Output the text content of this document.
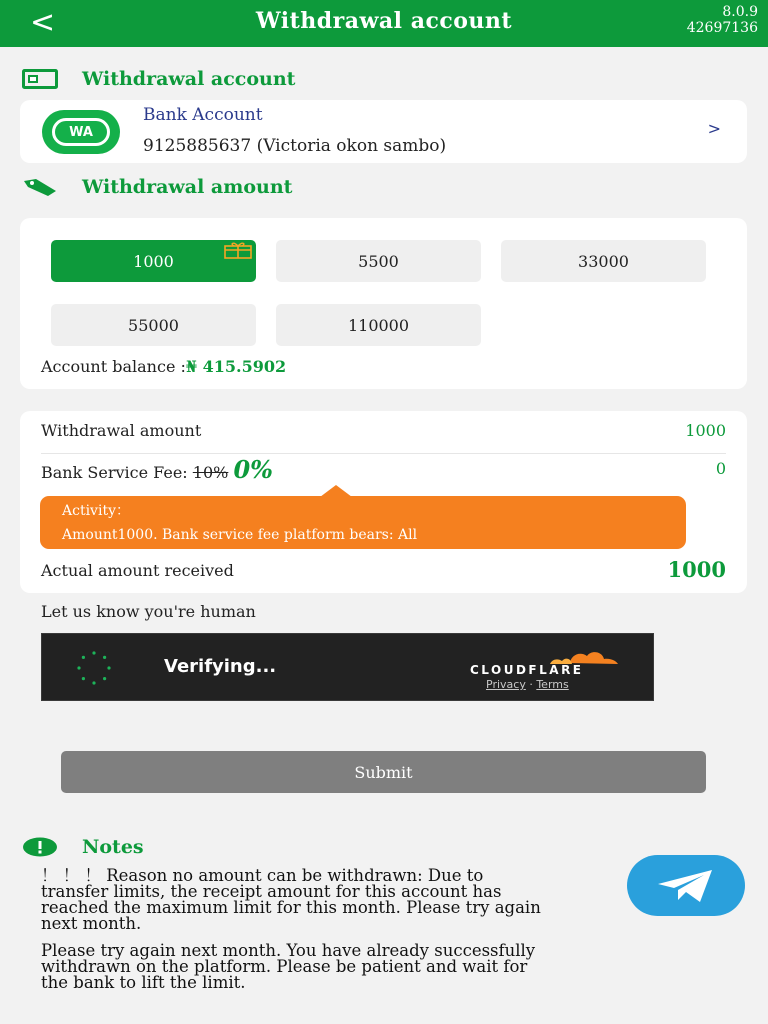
<	Withdrawal account	8.0.9
42697136
Withdrawal account
WA
Bank Account
9125885637 (Victoria okon sambo)
>
Withdrawal amount
1000	5500	33000
55000	110000
Account balance :₦ 415.5902
Withdrawal amount	1000
Bank Service Fee: 10% 0%	0
Activity：
Amount1000. Bank service fee platform bears: All
Actual amount received	1000
Let us know you're human
Verifying...	CLOUDFLARE
Privacy · Terms
Submit
Notes
！ ！ ！ Reason no amount can be withdrawn: Due to
transfer limits, the receipt amount for this account has
reached the maximum limit for this month. Please try again
next month.
Please try again next month. You have already successfully
withdrawn on the platform. Please be patient and wait for
the bank to lift the limit.
